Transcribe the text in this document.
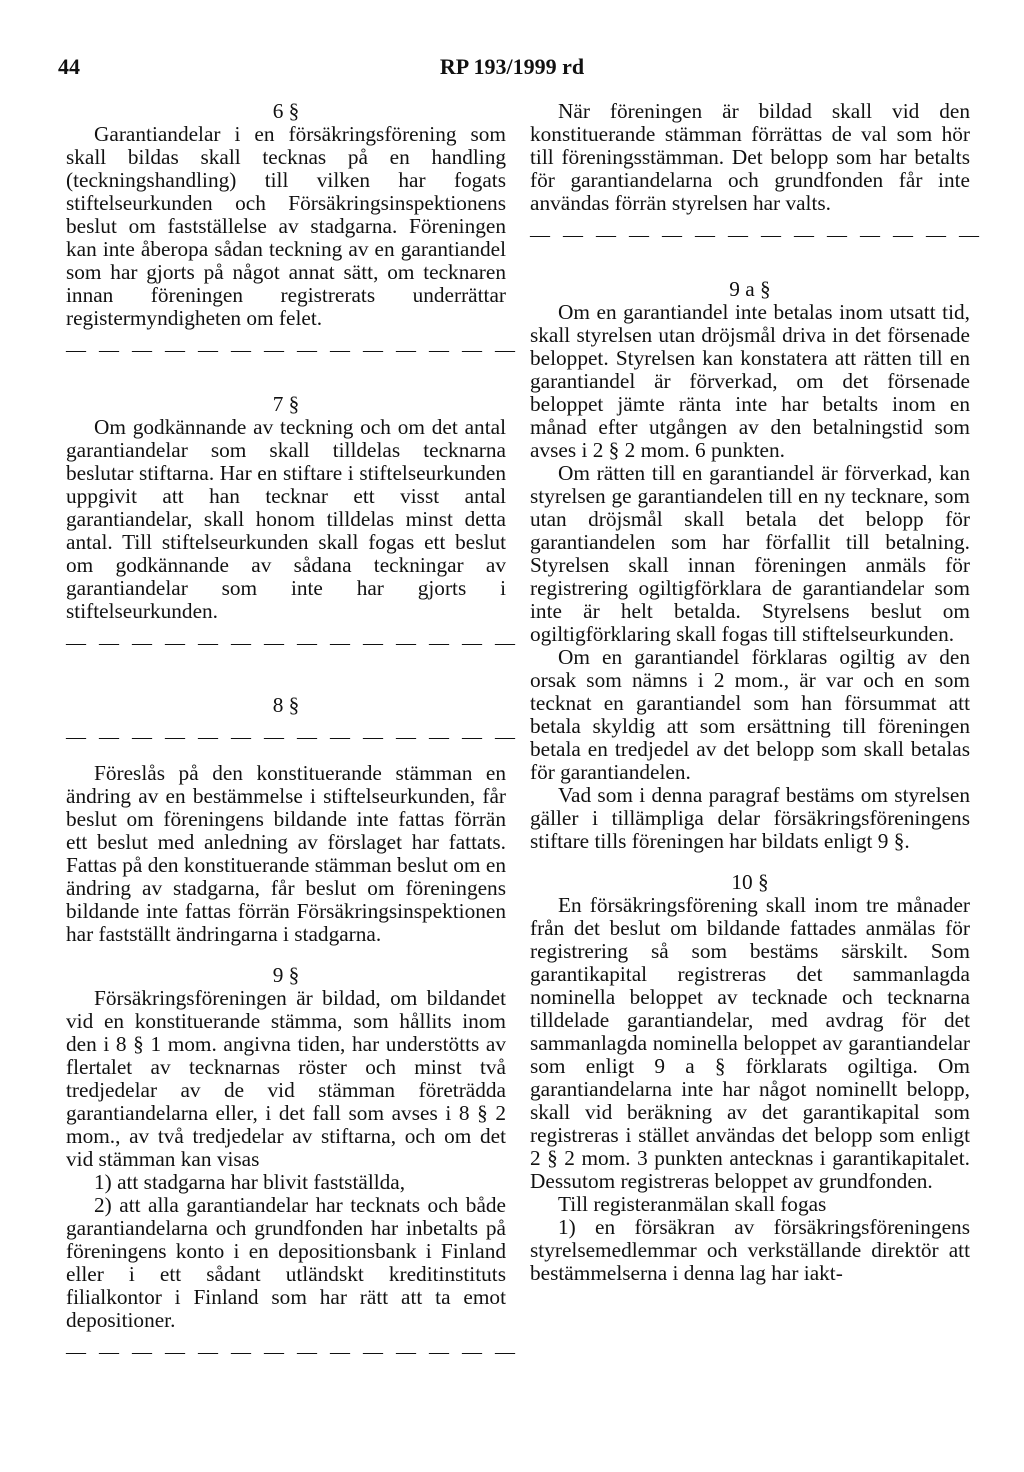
44	RP 193/1999 rd

6 §

Garantiandelar i en försäkringsförening som skall bildas skall tecknas på en handling (teckningshandling) till vilken har fogats stiftelseurkunden och Försäkringsinspektionens beslut om fastställelse av stadgarna. Föreningen kan inte åberopa sådan teckning av en garantiandel som har gjorts på något annat sätt, om tecknaren innan föreningen registrerats underrättar registermyndigheten om felet.

— — — — — — — — — — — — — —

7 §

Om godkännande av teckning och om det antal garantiandelar som skall tilldelas tecknarna beslutar stiftarna. Har en stiftare i stiftelseurkunden uppgivit att han tecknar ett visst antal garantiandelar, skall honom tilldelas minst detta antal. Till stiftelseurkunden skall fogas ett beslut om godkännande av sådana teckningar av garantiandelar som inte har gjorts i stiftelseurkunden.

— — — — — — — — — — — — — —

8 §

— — — — — — — — — — — — — —

Föreslås på den konstituerande stämman en ändring av en bestämmelse i stiftelseurkunden, får beslut om föreningens bildande inte fattas förrän ett beslut med anledning av förslaget har fattats. Fattas på den konstituerande stämman beslut om en ändring av stadgarna, får beslut om föreningens bildande inte fattas förrän Försäkringsinspektionen har fastställt ändringarna i stadgarna.

9 §

Försäkringsföreningen är bildad, om bildandet vid en konstituerande stämma, som hållits inom den i 8 § 1 mom. angivna tiden, har understötts av flertalet av tecknarnas röster och minst två tredjedelar av de vid stämman företrädda garantiandelarna eller, i det fall som avses i 8 § 2 mom., av två tredjedelar av stiftarna, och om det vid stämman kan visas

1) att stadgarna har blivit fastställda,

2) att alla garantiandelar har tecknats och både garantiandelarna och grundfonden har inbetalts på föreningens konto i en depositionsbank i Finland eller i ett sådant utländskt kreditinstituts filialkontor i Finland som har rätt att ta emot depositioner.

— — — — — — — — — — — — — —

När föreningen är bildad skall vid den konstituerande stämman förrättas de val som hör till föreningsstämman. Det belopp som har betalts för garantiandelarna och grundfonden får inte användas förrän styrelsen har valts.

— — — — — — — — — — — — — —

9 a §

Om en garantiandel inte betalas inom utsatt tid, skall styrelsen utan dröjsmål driva in det försenade beloppet. Styrelsen kan konstatera att rätten till en garantiandel är förverkad, om det försenade beloppet jämte ränta inte har betalts inom en månad efter utgången av den betalningstid som avses i 2 § 2 mom. 6 punkten.

Om rätten till en garantiandel är förverkad, kan styrelsen ge garantiandelen till en ny tecknare, som utan dröjsmål skall betala det belopp för garantiandelen som har förfallit till betalning. Styrelsen skall innan föreningen anmäls för registrering ogiltigförklara de garantiandelar som inte är helt betalda. Styrelsens beslut om ogiltigförklaring skall fogas till stiftelseurkunden.

Om en garantiandel förklaras ogiltig av den orsak som nämns i 2 mom., är var och en som tecknat en garantiandel som han försummat att betala skyldig att som ersättning till föreningen betala en tredjedel av det belopp som skall betalas för garantiandelen.

Vad som i denna paragraf bestäms om styrelsen gäller i tillämpliga delar försäkringsföreningens stiftare tills föreningen har bildats enligt 9 §.

10 §

En försäkringsförening skall inom tre månader från det beslut om bildande fattades anmälas för registrering så som bestäms särskilt. Som garantikapital registreras det sammanlagda nominella beloppet av tecknade och tecknarna tilldelade garantiandelar, med avdrag för det sammanlagda nominella beloppet av garantiandelar som enligt 9 a § förklarats ogiltiga. Om garantiandelarna inte har något nominellt belopp, skall vid beräkning av det garantikapital som registreras i stället användas det belopp som enligt 2 § 2 mom. 3 punkten antecknas i garantikapitalet. Dessutom registreras beloppet av grundfonden.

Till registeranmälan skall fogas

1) en försäkran av försäkringsföreningens styrelsemedlemmar och verkställande direktör att bestämmelserna i denna lag har iakt-
